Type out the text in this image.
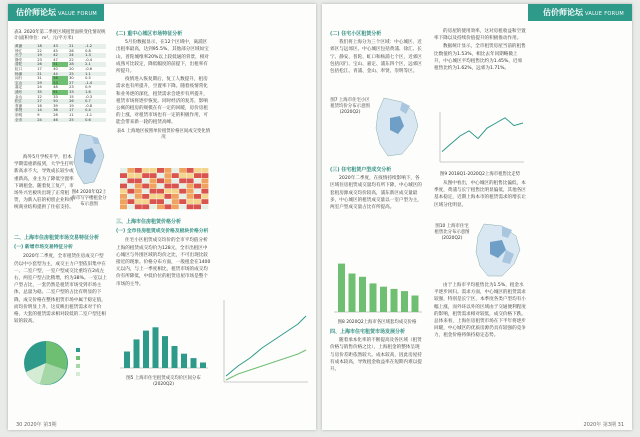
估价师论坛 VALUE FORUM
表3. 2020年第二季度区域租赁面积变化情况统计(面积单位：m²、元/平方米)
黄浦	18	43	21	-1.2
徐汇	22	45	26	0.8
长宁	19	42	24	1.3
静安	23	47	22	-0.4
普陀	26	51	28	2.1
虹口	17	40	20	-0.6
杨浦	21	44	25	1.1
闵行	31	56	30	0.5
宝山	29	53	27	-1.4
嘉定	24	48	23	0.9
浦东	35	61	33	1.6
金山	12	33	15	-0.3
松江	27	50	26	0.7
青浦	16	39	19	-0.8
奉贤	14	36	17	0.4
崇明	9	28	11	-1.1
全市	24	46	25	0.6

海外5月学校开学，但本学期需重新报到，大学生打听新高求不大，导致成长较少或重新高，业主为了降低空置率下调租金。随着复工复产，市场外兴宅板块出现了正常租赁，为新入驻的初创企业和传统商业结构提供了住宿支持。

图4 2020年Q2上海市写字楼租金分布示意图
二、上海市住房租赁市场交易特征分析
(一) 新增市场交易特征分析

2020年二季度，全市租赁住房成交户型仍以中小套型为主，成交主力户型依旧集中在一、二室户型，一室户型成交比重均在2成左右，两室户型占比稍增，约为38%。一室以上户型占比，一套仍然是租赁市场受到市场主体，总量为稳。二室户型的占比有明显的下降，成交价格在整体租赁市场中属于稳定值，而均价明显上升，这反映出租赁需求对于价格，大套的租赁需求相对较低的二室户型还相较的较高。

(二) 重中心城区市场特征分析

5月份数据显示，在12个区域中，离浦区出租率最高，达到95.5%，其他部分区域如宝山、普陀城维率20%以上较低通的背景，相对成熟可比较定，降低幅度的前提下，出租率有所提升。

疫情进入恢复期后，复工人数提升，租房需求也有所提升，空置率下降。随着疫情常化和业务逐的深化，租赁需求会逐步有所提升，租赁市场将逐步恢复。同时经济的复苏，影响公寓的租房的规模在有一定的回暖，房价房租的上涨，对租赁市场也有一定的积极作用，可能会带来新一轮的租赁高峰。

表4. 上海地区按照单价租赁价格区间成交变化情况
三、上海市住房租赁价格分析
(一) 全市住房租赁成交价格及板块价格分析

住宅小区租赁成交均价的全市平均值分析上海的租赁成交均价为128元，全市出租区中心城区与外围区域的均价之比，不可出现比较接近的现象。价格分布方面，一般租金在1400元以内，与上一季度相比，租赁市场的成交均价有所降低，中低价位的租赁房屋市场是整个市场的主导。

图5 上海市住宅租赁成交均价区间分布(2020Q2)
30 2020年 第3期
估价师论坛 VALUE FORUM
(二) 住宅小区租赁分析

我们将上海分为三个区域：中心城区、近郊区与远郊区。中心城区包括黄浦、徐汇、长宁、静安、普陀、虹口和杨浦七个区，近郊区包括闵行、宝山、嘉定、浦东四个区，远郊区包括松江、青浦、金山、奉贤、崇明等区。

图7 上海市住宅小区租赁均价分布示意图(2020Q2)
(三) 住宅租赁户型成交分析

2020年二季度，在疫情持续影响下，各区域住房租赁成交量均有所下降，中心城区的套租房源成交均价较高，浦东新区成交量最多，中心城区的租赁成交量以一室户型为主，两室户型成交量占比有所提高。

图8 2020Q2上海市各区域套均成交价格
四、上海市住宅租赁市场发展分析

随着承本化率的不断提高及各区域（租赁价格与销售价格之比），上海租金的整体呈现与房价差距依然较大。成本较高，因此房屋持有成本较高，导致租金收益率在短期内难以提升。

的房屋的使用效率，这对房租收益和空置率下降以及持续价值提升的积极推动作用。

数据统计显示，全市租赁房屋当前的租售比数值约为1.53%，相比去年同期略微上升，中心城区平均租售比约为1.45%，近郊租售比约为1.62%，远郊为1.71%。

图9 2018Q1-2020Q2上海市租售比走势

从图中看出，中心城区的租售比偏低，本季度，黄浦与长宁租售比明显偏低，其他各区基本稳定，近期上海本市的租赁需求的增长让区域分化明显。

图10 上海市住宅租售比分布示意图(2020Q2)

由于上海市平均租售比为1.5%，租金水平逐步回归。需求方面，中心城区的租赁需求较强，特别是长宁区，本季度各类户型均有小幅上涨，而外环以外的区域由于交通便利程度的影响，租赁需求相对较低，成交价格下跌。总体来看，上海住房租赁市场在下半年将逐步回暖，中心城区的优质房源仍具有较强的竞争力，租金价格将保持稳定态势。

2020年 第3期 31
